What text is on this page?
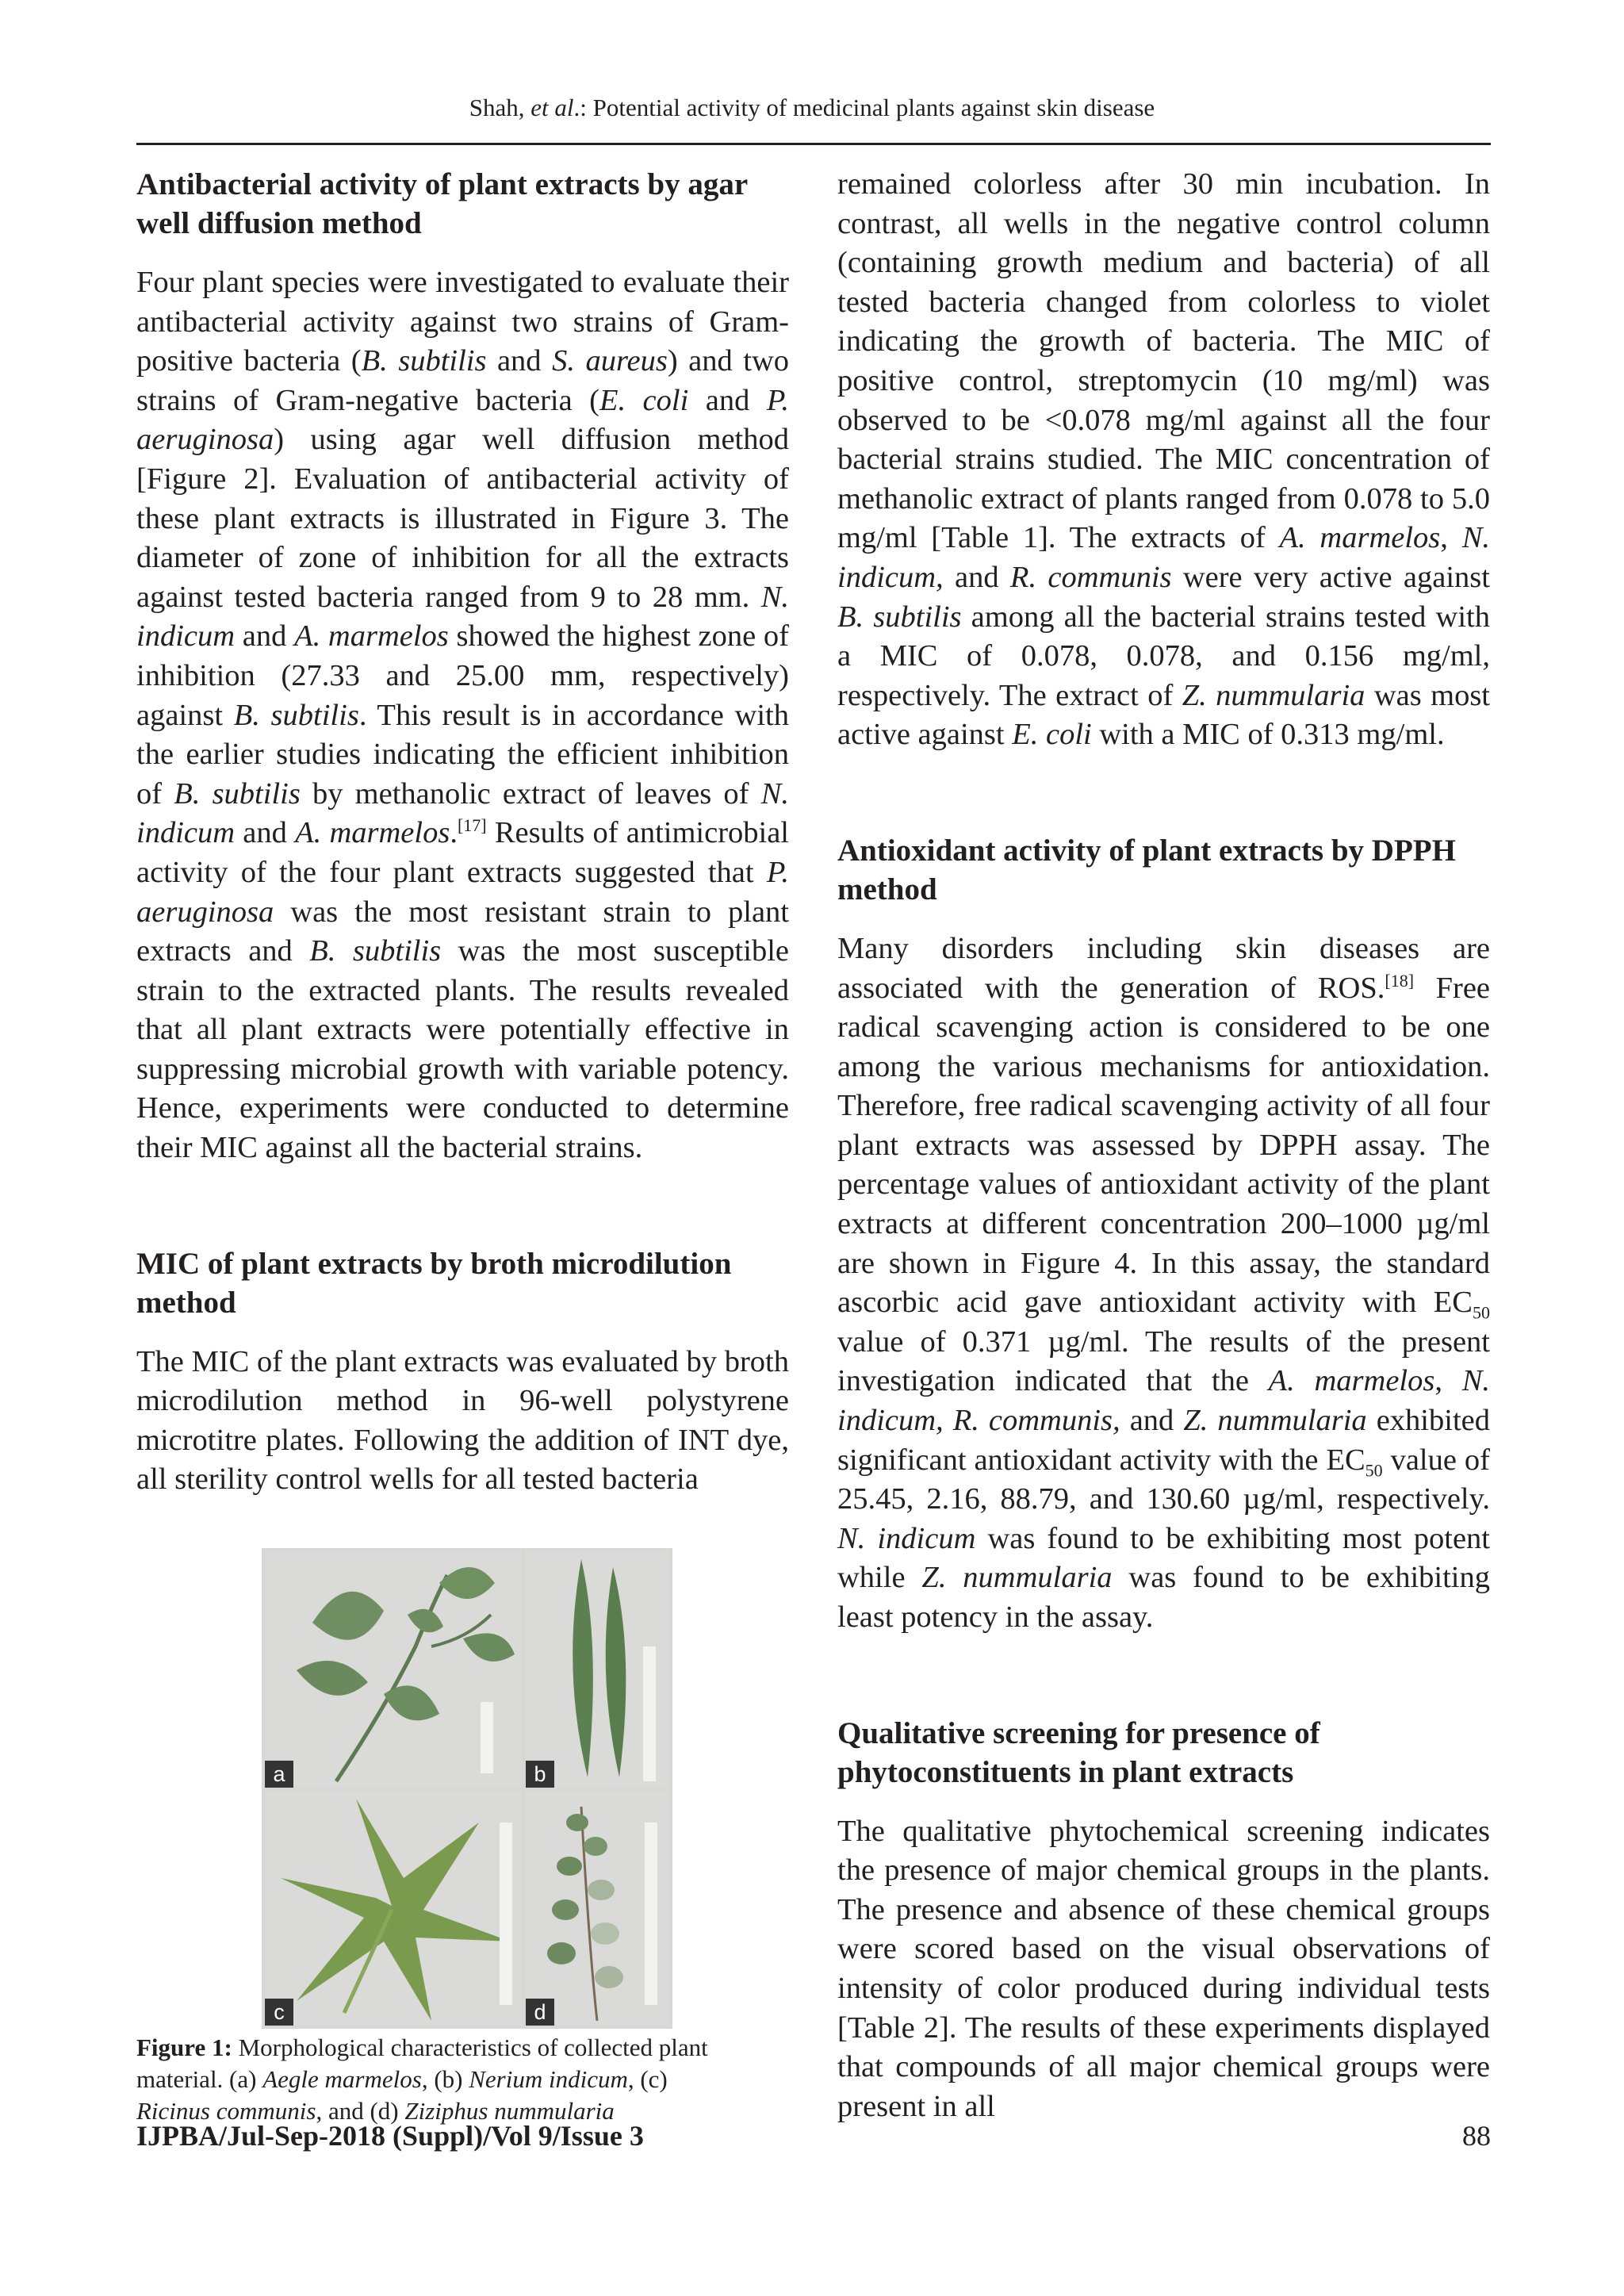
Shah, et al.: Potential activity of medicinal plants against skin disease
Antibacterial activity of plant extracts by agar well diffusion method

Four plant species were investigated to evaluate their antibacterial activity against two strains of Gram-positive bacteria (B. subtilis and S. aureus) and two strains of Gram-negative bacteria (E. coli and P. aeruginosa) using agar well diffusion method [Figure 2]. Evaluation of antibacterial activity of these plant extracts is illustrated in Figure 3. The diameter of zone of inhibition for all the extracts against tested bacteria ranged from 9 to 28 mm. N. indicum and A. marmelos showed the highest zone of inhibition (27.33 and 25.00 mm, respectively) against B. subtilis. This result is in accordance with the earlier studies indicating the efficient inhibition of B. subtilis by methanolic extract of leaves of N. indicum and A. marmelos.[17] Results of antimicrobial activity of the four plant extracts suggested that P. aeruginosa was the most resistant strain to plant extracts and B. subtilis was the most susceptible strain to the extracted plants. The results revealed that all plant extracts were potentially effective in suppressing microbial growth with variable potency. Hence, experiments were conducted to determine their MIC against all the bacterial strains.

MIC of plant extracts by broth microdilution method

The MIC of the plant extracts was evaluated by broth microdilution method in 96-well polystyrene microtitre plates. Following the addition of INT dye, all sterility control wells for all tested bacteria

a	b
c	d
Figure 1: Morphological characteristics of collected plant material. (a) Aegle marmelos, (b) Nerium indicum, (c) Ricinus communis, and (d) Ziziphus nummularia

remained colorless after 30 min incubation. In contrast, all wells in the negative control column (containing growth medium and bacteria) of all tested bacteria changed from colorless to violet indicating the growth of bacteria. The MIC of positive control, streptomycin (10 mg/ml) was observed to be <0.078 mg/ml against all the four bacterial strains studied. The MIC concentration of methanolic extract of plants ranged from 0.078 to 5.0 mg/ml [Table 1]. The extracts of A. marmelos, N. indicum, and R. communis were very active against B. subtilis among all the bacterial strains tested with a MIC of 0.078, 0.078, and 0.156 mg/ml, respectively. The extract of Z. nummularia was most active against E. coli with a MIC of 0.313 mg/ml.

Antioxidant activity of plant extracts by DPPH method

Many disorders including skin diseases are associated with the generation of ROS.[18] Free radical scavenging action is considered to be one among the various mechanisms for antioxidation. Therefore, free radical scavenging activity of all four plant extracts was assessed by DPPH assay. The percentage values of antioxidant activity of the plant extracts at different concentration 200–1000 µg/ml are shown in Figure 4. In this assay, the standard ascorbic acid gave antioxidant activity with $EC_{50}$ value of 0.371 µg/ml. The results of the present investigation indicated that the A. marmelos, N. indicum, R. communis, and Z. nummularia exhibited significant antioxidant activity with the $EC_{50}$ value of 25.45, 2.16, 88.79, and 130.60 µg/ml, respectively. N. indicum was found to be exhibiting most potent while Z. nummularia was found to be exhibiting least potency in the assay.

Qualitative screening for presence of phytoconstituents in plant extracts

The qualitative phytochemical screening indicates the presence of major chemical groups in the plants. The presence and absence of these chemical groups were scored based on the visual observations of intensity of color produced during individual tests [Table 2]. The results of these experiments displayed that compounds of all major chemical groups were present in all

IJPBA/Jul-Sep-2018 (Suppl)/Vol 9/Issue 3	88
